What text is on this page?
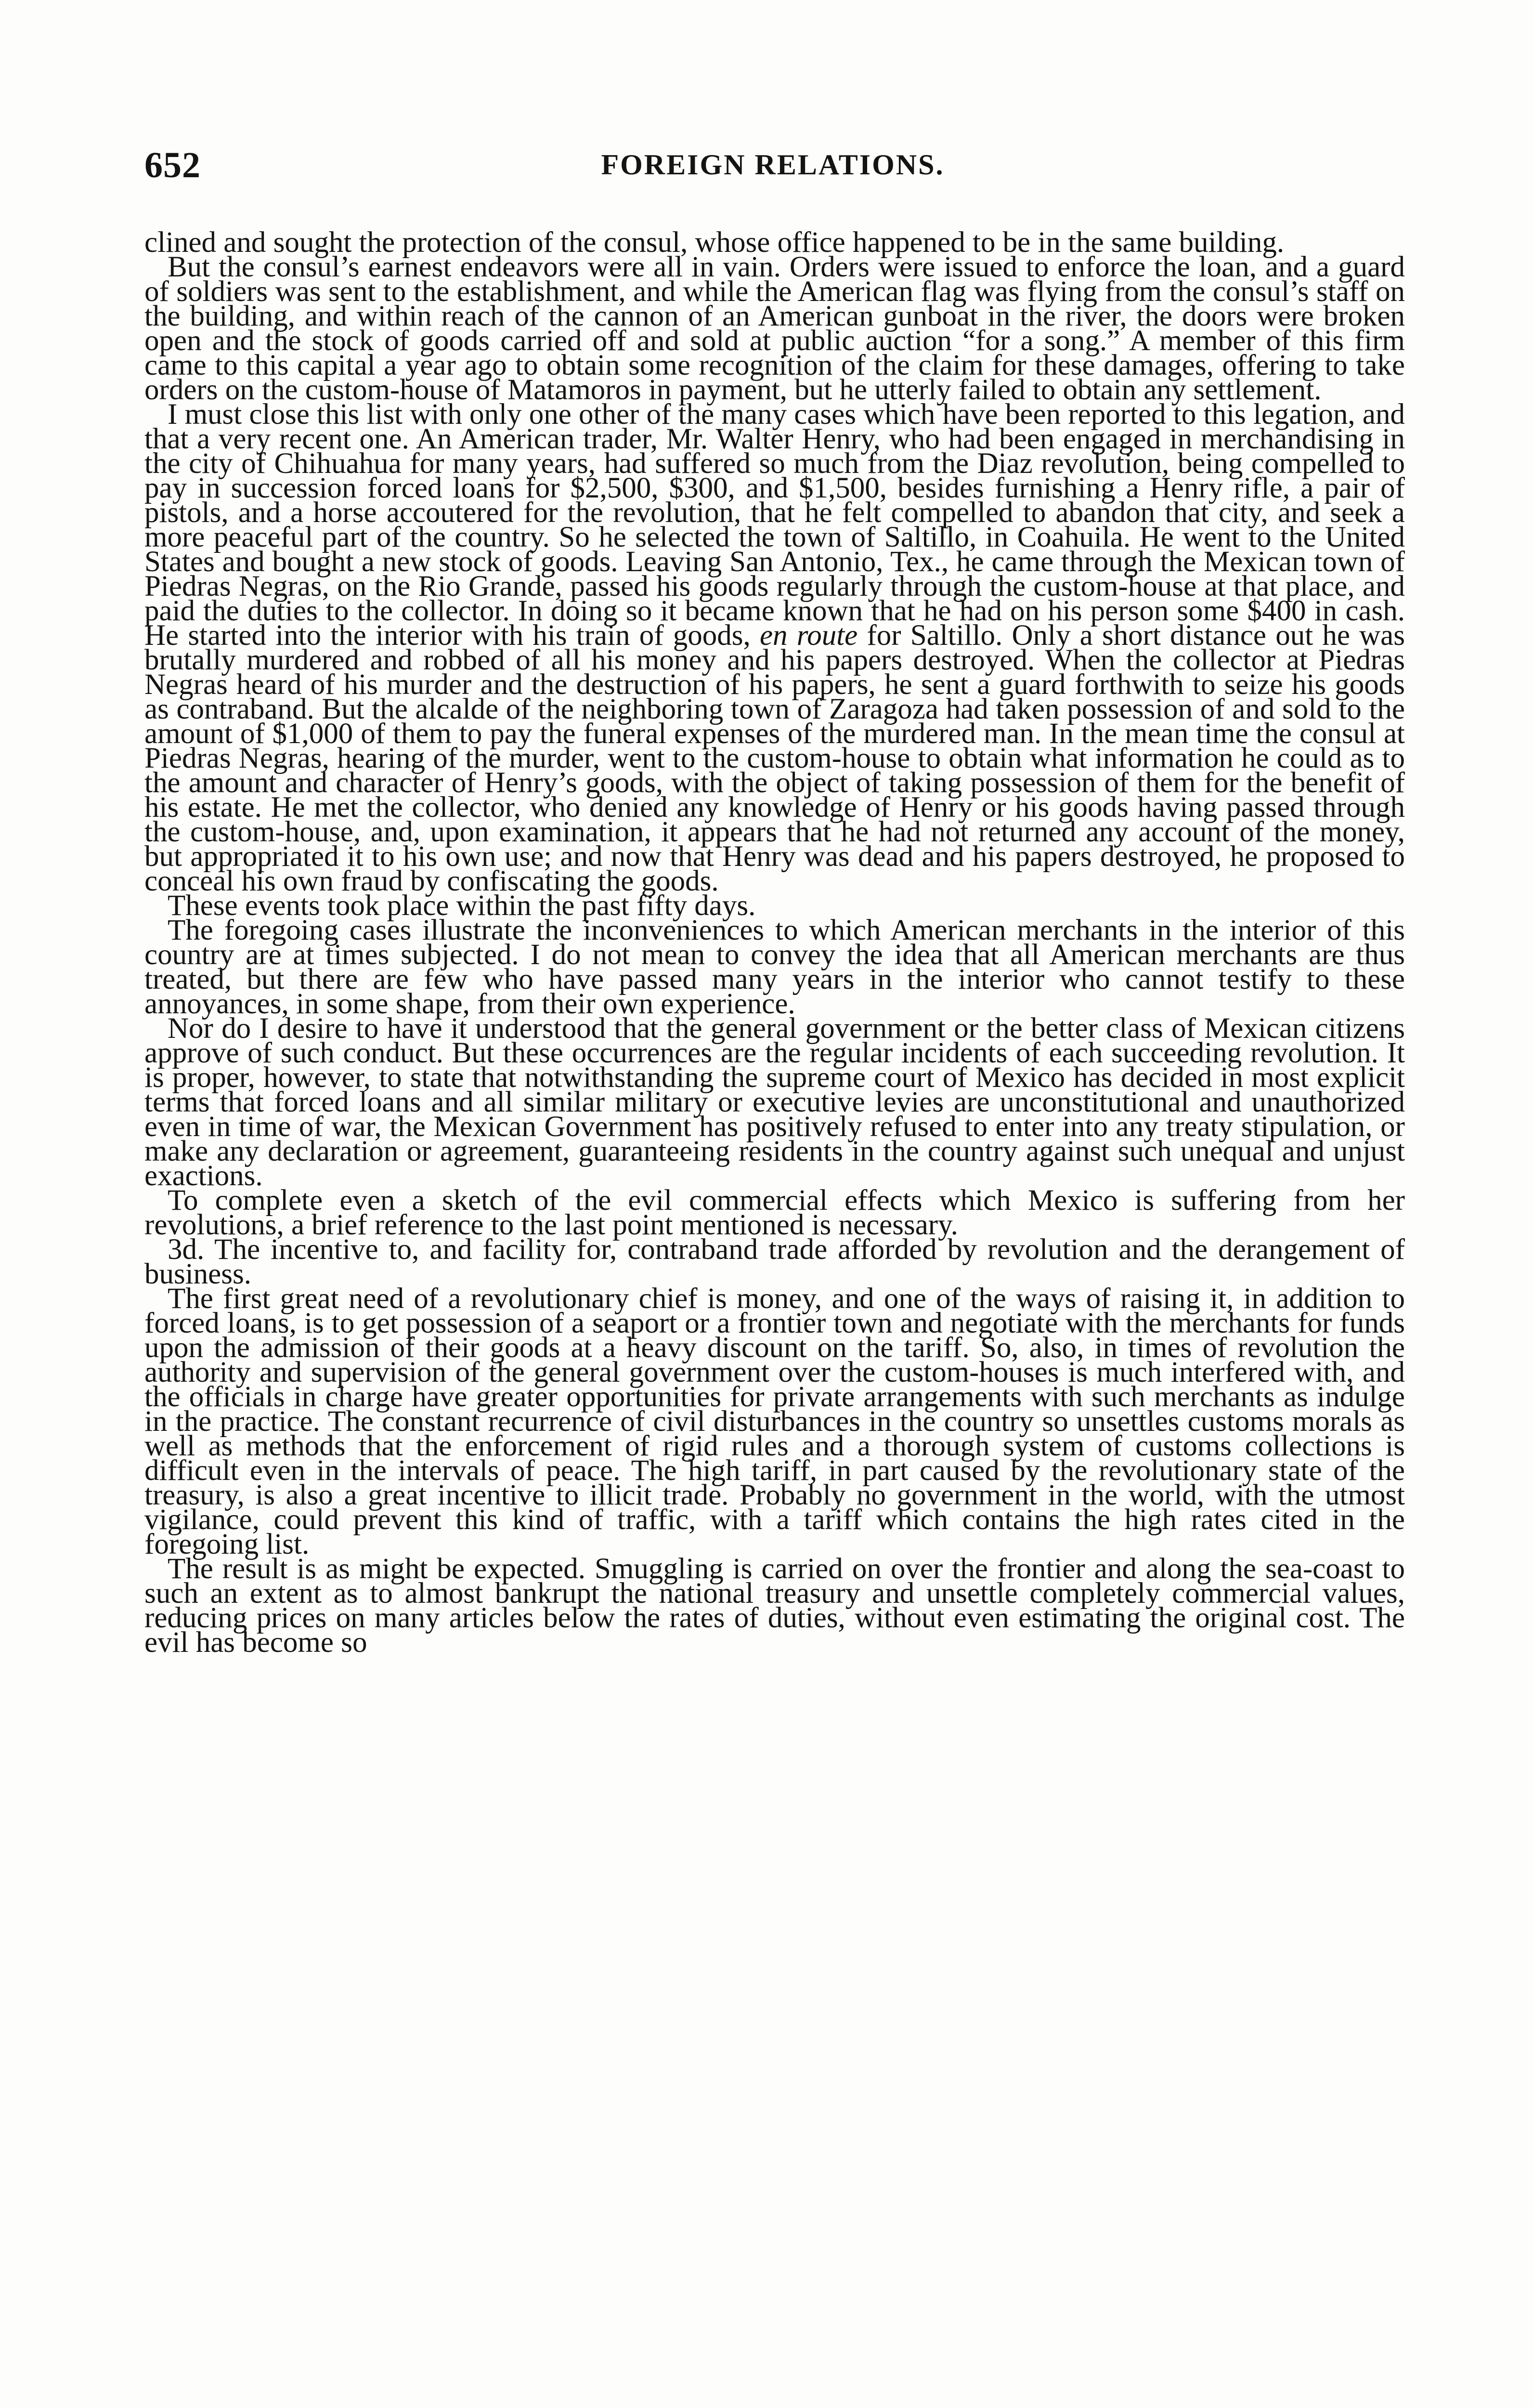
652	FOREIGN RELATIONS.

clined and sought the protection of the consul, whose office happened to be in the same building.

But the consul’s earnest endeavors were all in vain. Orders were issued to enforce the loan, and a guard of soldiers was sent to the establishment, and while the American flag was flying from the consul’s staff on the building, and within reach of the cannon of an American gunboat in the river, the doors were broken open and the stock of goods carried off and sold at public auction “for a song.” A member of this firm came to this capital a year ago to obtain some recognition of the claim for these damages, offering to take orders on the custom-house of Matamoros in payment, but he utterly failed to obtain any settlement.

I must close this list with only one other of the many cases which have been reported to this legation, and that a very recent one. An American trader, Mr. Walter Henry, who had been engaged in merchandising in the city of Chihuahua for many years, had suffered so much from the Diaz revolution, being compelled to pay in succession forced loans for $2,500, $300, and $1,500, besides furnishing a Henry rifle, a pair of pistols, and a horse accoutered for the revolution, that he felt compelled to abandon that city, and seek a more peaceful part of the country. So he selected the town of Saltillo, in Coahuila. He went to the United States and bought a new stock of goods. Leaving San Antonio, Tex., he came through the Mexican town of Piedras Negras, on the Rio Grande, passed his goods regularly through the custom-house at that place, and paid the duties to the collector. In doing so it became known that he had on his person some $400 in cash. He started into the interior with his train of goods, en route for Saltillo. Only a short distance out he was brutally murdered and robbed of all his money and his papers destroyed. When the collector at Piedras Negras heard of his murder and the destruction of his papers, he sent a guard forthwith to seize his goods as contraband. But the alcalde of the neighboring town of Zaragoza had taken possession of and sold to the amount of $1,000 of them to pay the funeral expenses of the murdered man. In the mean time the consul at Piedras Negras, hearing of the murder, went to the custom-house to obtain what information he could as to the amount and character of Henry’s goods, with the object of taking possession of them for the benefit of his estate. He met the collector, who denied any knowledge of Henry or his goods having passed through the custom-house, and, upon examination, it appears that he had not returned any account of the money, but appropriated it to his own use; and now that Henry was dead and his papers destroyed, he proposed to conceal his own fraud by confiscating the goods.

These events took place within the past fifty days.

The foregoing cases illustrate the inconveniences to which American merchants in the interior of this country are at times subjected. I do not mean to convey the idea that all American merchants are thus treated, but there are few who have passed many years in the interior who cannot testify to these annoyances, in some shape, from their own experience.

Nor do I desire to have it understood that the general government or the better class of Mexican citizens approve of such conduct. But these occurrences are the regular incidents of each succeeding revolution. It is proper, however, to state that notwithstanding the supreme court of Mexico has decided in most explicit terms that forced loans and all similar military or executive levies are unconstitutional and unauthorized even in time of war, the Mexican Government has positively refused to enter into any treaty stipulation, or make any declaration or agreement, guaranteeing residents in the country against such unequal and unjust exactions.

To complete even a sketch of the evil commercial effects which Mexico is suffering from her revolutions, a brief reference to the last point mentioned is necessary.

3d. The incentive to, and facility for, contraband trade afforded by revolution and the derangement of business.

The first great need of a revolutionary chief is money, and one of the ways of raising it, in addition to forced loans, is to get possession of a seaport or a frontier town and negotiate with the merchants for funds upon the admission of their goods at a heavy discount on the tariff. So, also, in times of revolution the authority and supervision of the general government over the custom-houses is much interfered with, and the officials in charge have greater opportunities for private arrangements with such merchants as indulge in the practice. The constant recurrence of civil disturbances in the country so unsettles customs morals as well as methods that the enforcement of rigid rules and a thorough system of customs collections is difficult even in the intervals of peace. The high tariff, in part caused by the revolutionary state of the treasury, is also a great incentive to illicit trade. Probably no government in the world, with the utmost vigilance, could prevent this kind of traffic, with a tariff which contains the high rates cited in the foregoing list.

The result is as might be expected. Smuggling is carried on over the frontier and along the sea-coast to such an extent as to almost bankrupt the national treasury and unsettle completely commercial values, reducing prices on many articles below the rates of duties, without even estimating the original cost. The evil has become so
